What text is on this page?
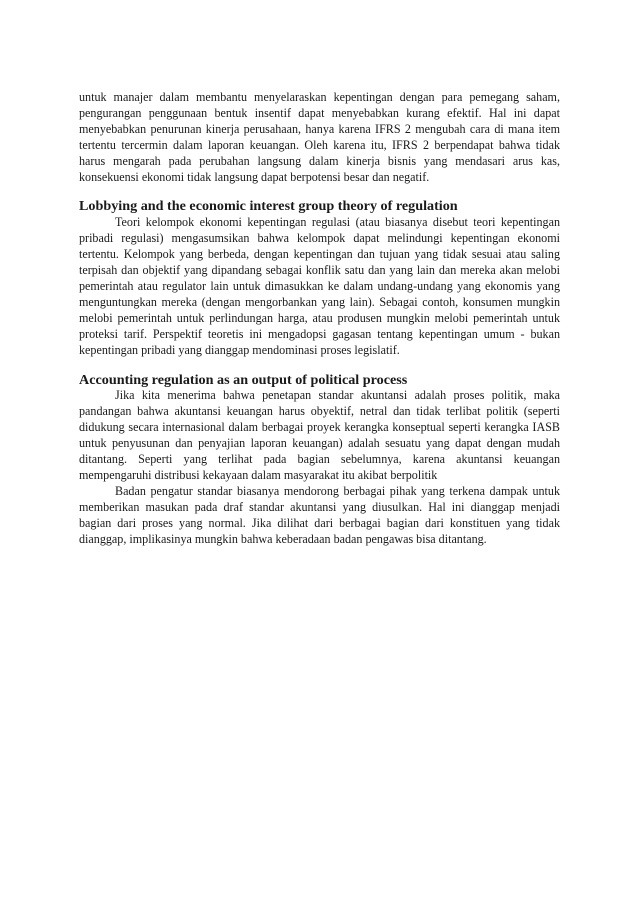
untuk manajer dalam membantu menyelaraskan kepentingan dengan para pemegang saham, pengurangan penggunaan bentuk insentif dapat menyebabkan kurang efektif. Hal ini dapat menyebabkan penurunan kinerja perusahaan, hanya karena IFRS 2 mengubah cara di mana item tertentu tercermin dalam laporan keuangan. Oleh karena itu, IFRS 2 berpendapat bahwa tidak harus mengarah pada perubahan langsung dalam kinerja bisnis yang mendasari arus kas, konsekuensi ekonomi tidak langsung dapat berpotensi besar dan negatif.

Lobbying and the economic interest group theory of regulation

Teori kelompok ekonomi kepentingan regulasi (atau biasanya disebut teori kepentingan pribadi regulasi) mengasumsikan bahwa kelompok dapat melindungi kepentingan ekonomi tertentu. Kelompok yang berbeda, dengan kepentingan dan tujuan yang tidak sesuai atau saling terpisah dan objektif yang dipandang sebagai konflik satu dan yang lain dan mereka akan melobi pemerintah atau regulator lain untuk dimasukkan ke dalam undang-undang yang ekonomis yang menguntungkan mereka (dengan mengorbankan yang lain). Sebagai contoh, konsumen mungkin melobi pemerintah untuk perlindungan harga, atau produsen mungkin melobi pemerintah untuk proteksi tarif. Perspektif teoretis ini mengadopsi gagasan tentang kepentingan umum - bukan kepentingan pribadi yang dianggap mendominasi proses legislatif.

Accounting regulation as an output of political process

Jika kita menerima bahwa penetapan standar akuntansi adalah proses politik, maka pandangan bahwa akuntansi keuangan harus obyektif, netral dan tidak terlibat politik (seperti didukung secara internasional dalam berbagai proyek kerangka konseptual seperti kerangka IASB untuk penyusunan dan penyajian laporan keuangan) adalah sesuatu yang dapat dengan mudah ditantang. Seperti yang terlihat pada bagian sebelumnya, karena akuntansi keuangan mempengaruhi distribusi kekayaan dalam masyarakat itu akibat berpolitik

Badan pengatur standar biasanya mendorong berbagai pihak yang terkena dampak untuk memberikan masukan pada draf standar akuntansi yang diusulkan. Hal ini dianggap menjadi bagian dari proses yang normal. Jika dilihat dari berbagai bagian dari konstituen yang tidak dianggap, implikasinya mungkin bahwa keberadaan badan pengawas bisa ditantang.
